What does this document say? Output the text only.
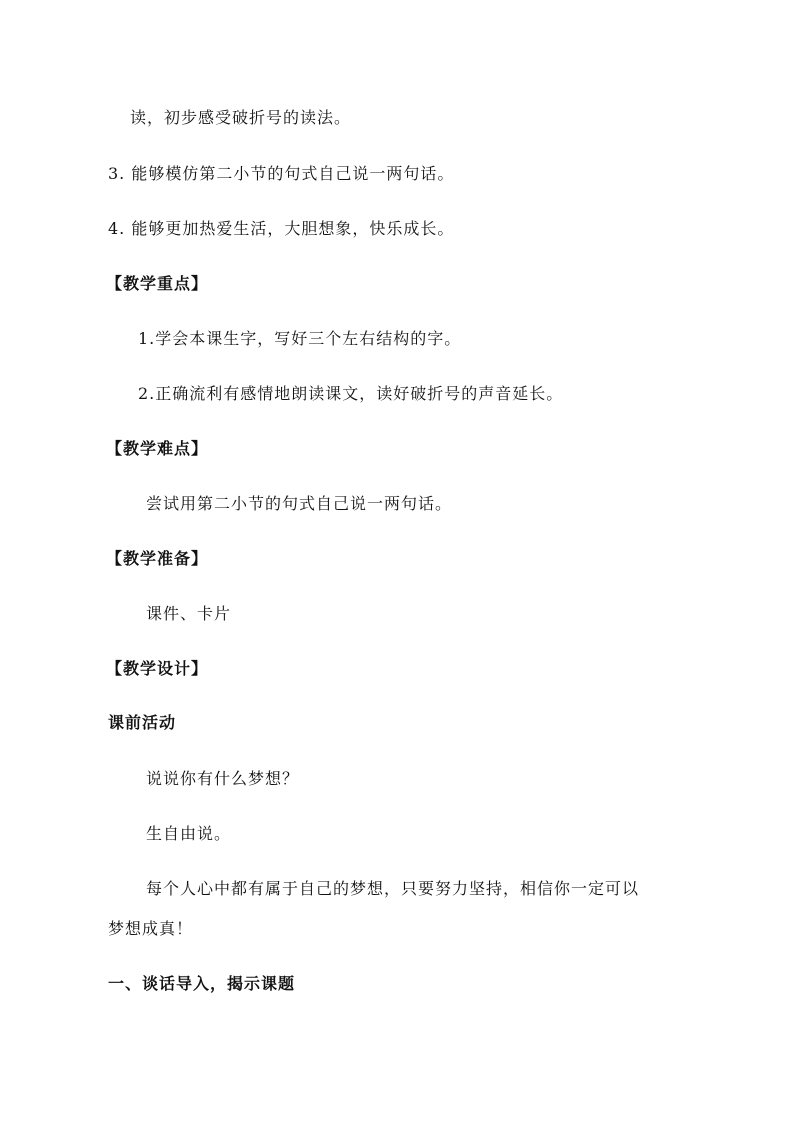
读，初步感受破折号的读法。
3. 能够模仿第二小节的句式自己说一两句话。
4. 能够更加热爱生活，大胆想象，快乐成长。
【教学重点】
1.学会本课生字，写好三个左右结构的字。
2.正确流利有感情地朗读课文，读好破折号的声音延长。
【教学难点】
尝试用第二小节的句式自己说一两句话。
【教学准备】
课件、卡片
【教学设计】
课前活动
说说你有什么梦想？
生自由说。
每个人心中都有属于自己的梦想，只要努力坚持，相信你一定可以
梦想成真！
一、谈话导入，揭示课题
